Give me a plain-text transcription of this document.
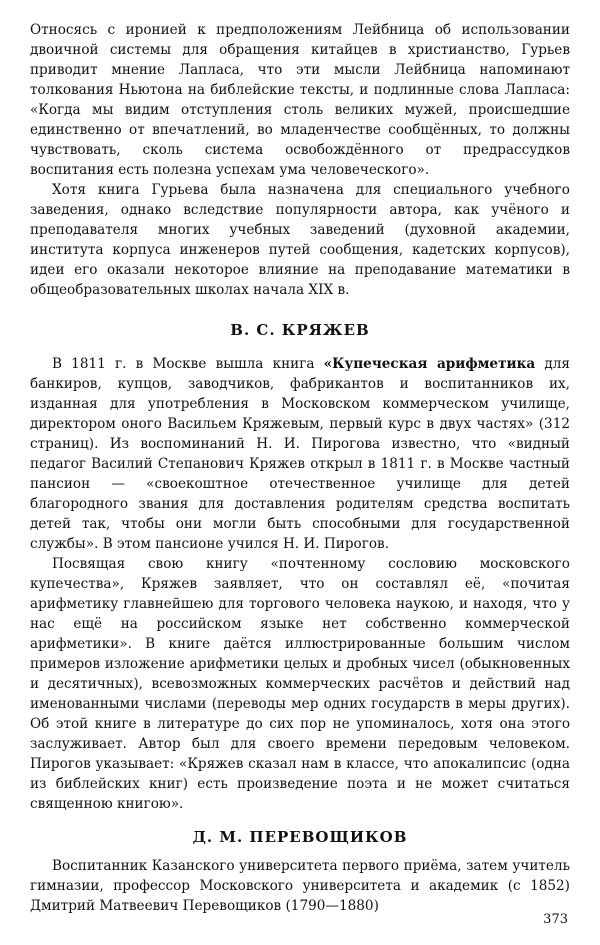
Относясь с иронией к предположениям Лейбница об использовании двоичной системы для обращения китайцев в христианство, Гурьев приводит мнение Лапласа, что эти мысли Лейбница напоминают толкования Ньютона на библейские тексты, и подлинные слова Лапласа: «Когда мы видим отступления столь великих мужей, происшедшие единственно от впечатлений, во младенчестве сообщённых, то должны чувствовать, сколь система освобождённого от предрассудков воспитания есть полезна успехам ума человеческого».

Хотя книга Гурьева была назначена для специального учебного заведения, однако вследствие популярности автора, как учёного и преподавателя многих учебных заведений (духовной академии, института корпуса инженеров путей сообщения, кадетских корпусов), идеи его оказали некоторое влияние на преподавание математики в общеобразовательных школах начала XIX в.

В. С. КРЯЖЕВ

В 1811 г. в Москве вышла книга «Купеческая арифметика для банкиров, купцов, заводчиков, фабрикантов и воспитанников их, изданная для употребления в Московском коммерческом училище, директором оного Васильем Кряжевым, первый курс в двух частях» (312 страниц). Из воспоминаний Н. И. Пирогова известно, что «видный педагог Василий Степанович Кряжев открыл в 1811 г. в Москве частный пансион — «своекоштное отечественное училище для детей благородного звания для доставления родителям средства воспитать детей так, чтобы они могли быть способными для государственной службы». В этом пансионе учился Н. И. Пирогов.

Посвящая свою книгу «почтенному сословию московского купечества», Кряжев заявляет, что он составлял её, «почитая арифметику главнейшею для торгового человека наукою, и находя, что у нас ещё на российском языке нет собственно коммерческой арифметики». В книге даётся иллюстрированные большим числом примеров изложение арифметики целых и дробных чисел (обыкновенных и десятичных), всевозможных коммерческих расчётов и действий над именованными числами (переводы мер одних государств в меры других). Об этой книге в литературе до сих пор не упоминалось, хотя она этого заслуживает. Автор был для своего времени передовым человеком. Пирогов указывает: «Кряжев сказал нам в классе, что апокалипсис (одна из библейских книг) есть произведение поэта и не может считаться священною книгою».

Д. М. ПЕРЕВОЩИКОВ

Воспитанник Казанского университета первого приёма, затем учитель гимназии, профессор Московского университета и академик (с 1852) Дмитрий Матвеевич Перевощиков (1790—1880)

373
